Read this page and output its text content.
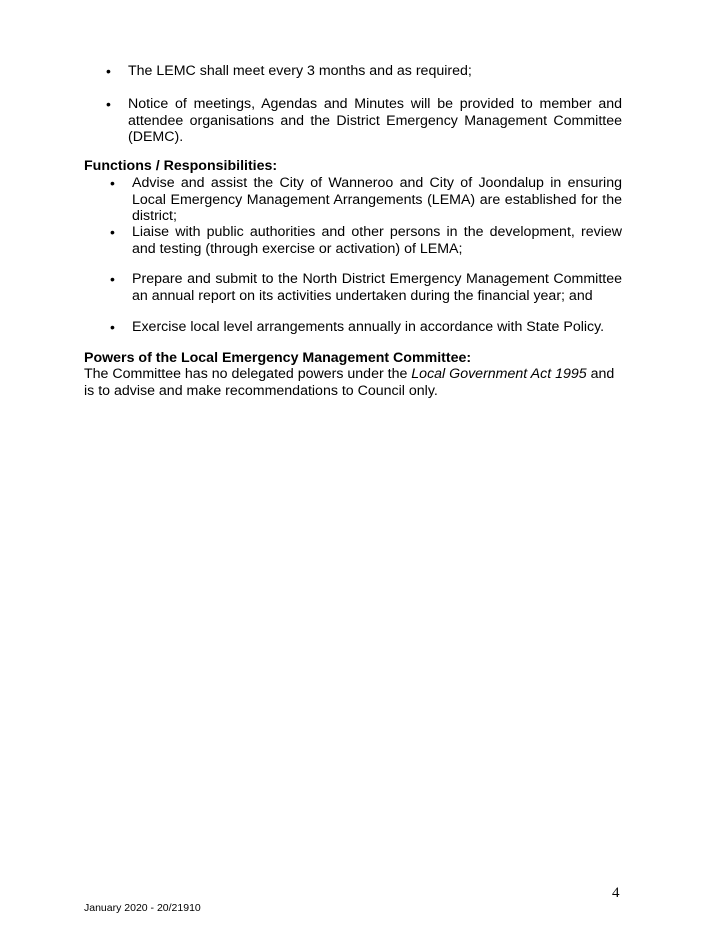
•	The LEMC shall meet every 3 months and as required;
•	Notice of meetings, Agendas and Minutes will be provided to member and attendee organisations and the District Emergency Management Committee (DEMC).
Functions / Responsibilities:
•	Advise and assist the City of Wanneroo and City of Joondalup in ensuring Local Emergency Management Arrangements (LEMA) are established for the district;
•	Liaise with public authorities and other persons in the development, review and testing (through exercise or activation) of LEMA;
•	Prepare and submit to the North District Emergency Management Committee an annual report on its activities undertaken during the financial year; and
•	Exercise local level arrangements annually in accordance with State Policy.
Powers of the Local Emergency Management Committee:
The Committee has no delegated powers under the Local Government Act 1995 and is to advise and make recommendations to Council only.
4
January 2020 - 20/21910
